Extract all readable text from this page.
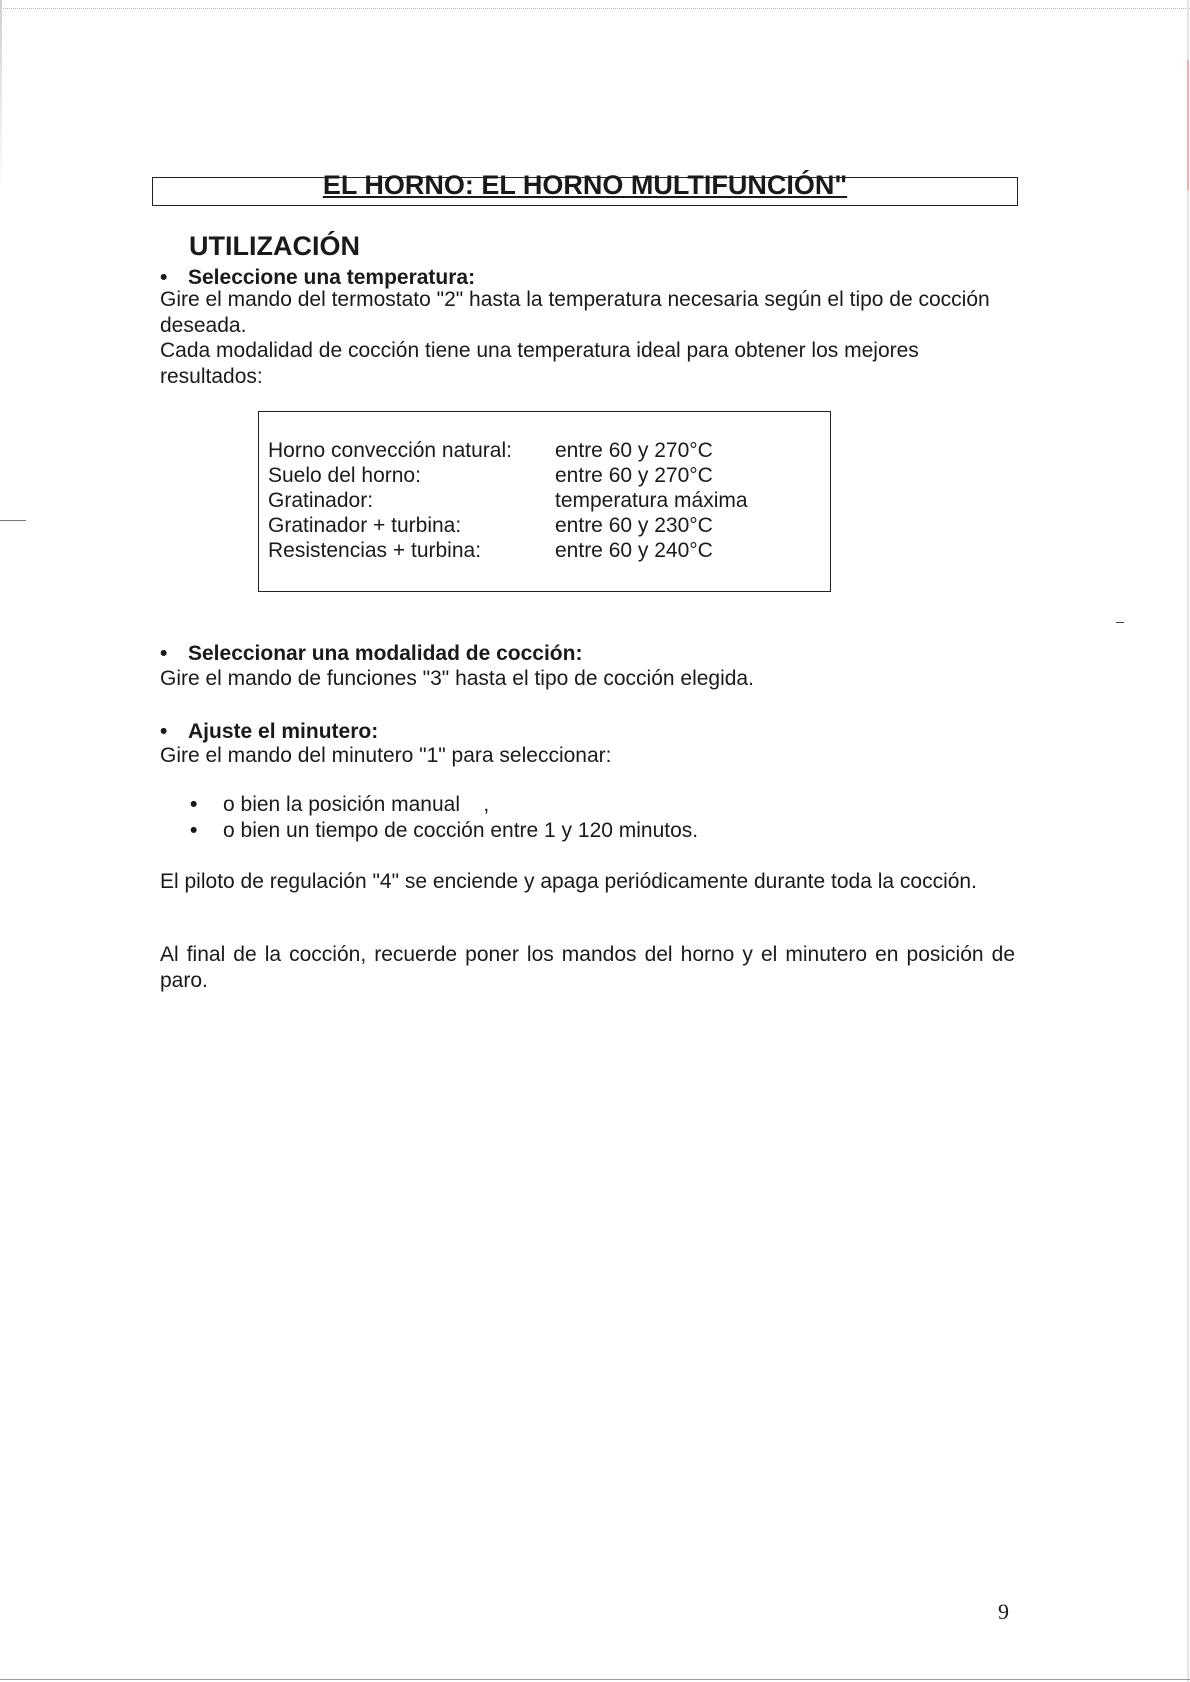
EL HORNO: EL HORNO MULTIFUNCIÓN"
UTILIZACIÓN
• Seleccione una temperatura:
Gire el mando del termostato "2" hasta la temperatura necesaria según el tipo de cocción deseada.
Cada modalidad de cocción tiene una temperatura ideal para obtener los mejores resultados:
Horno convección natural: entre 60 y 270°C
Suelo del horno:	entre 60 y 270°C
Gratinador:	temperatura máxima
Gratinador + turbina:	entre 60 y 230°C
Resistencias + turbina:	entre 60 y 240°C
• Seleccionar una modalidad de cocción:
Gire el mando de funciones "3" hasta el tipo de cocción elegida.
• Ajuste el minutero:
Gire el mando del minutero "1" para seleccionar:
• o bien la posición manual    ,
• o bien un tiempo de cocción entre 1 y 120 minutos.
El piloto de regulación "4" se enciende y apaga periódicamente durante toda la cocción.
Al final de la cocción, recuerde poner los mandos del horno y el minutero en posición de paro.
9
